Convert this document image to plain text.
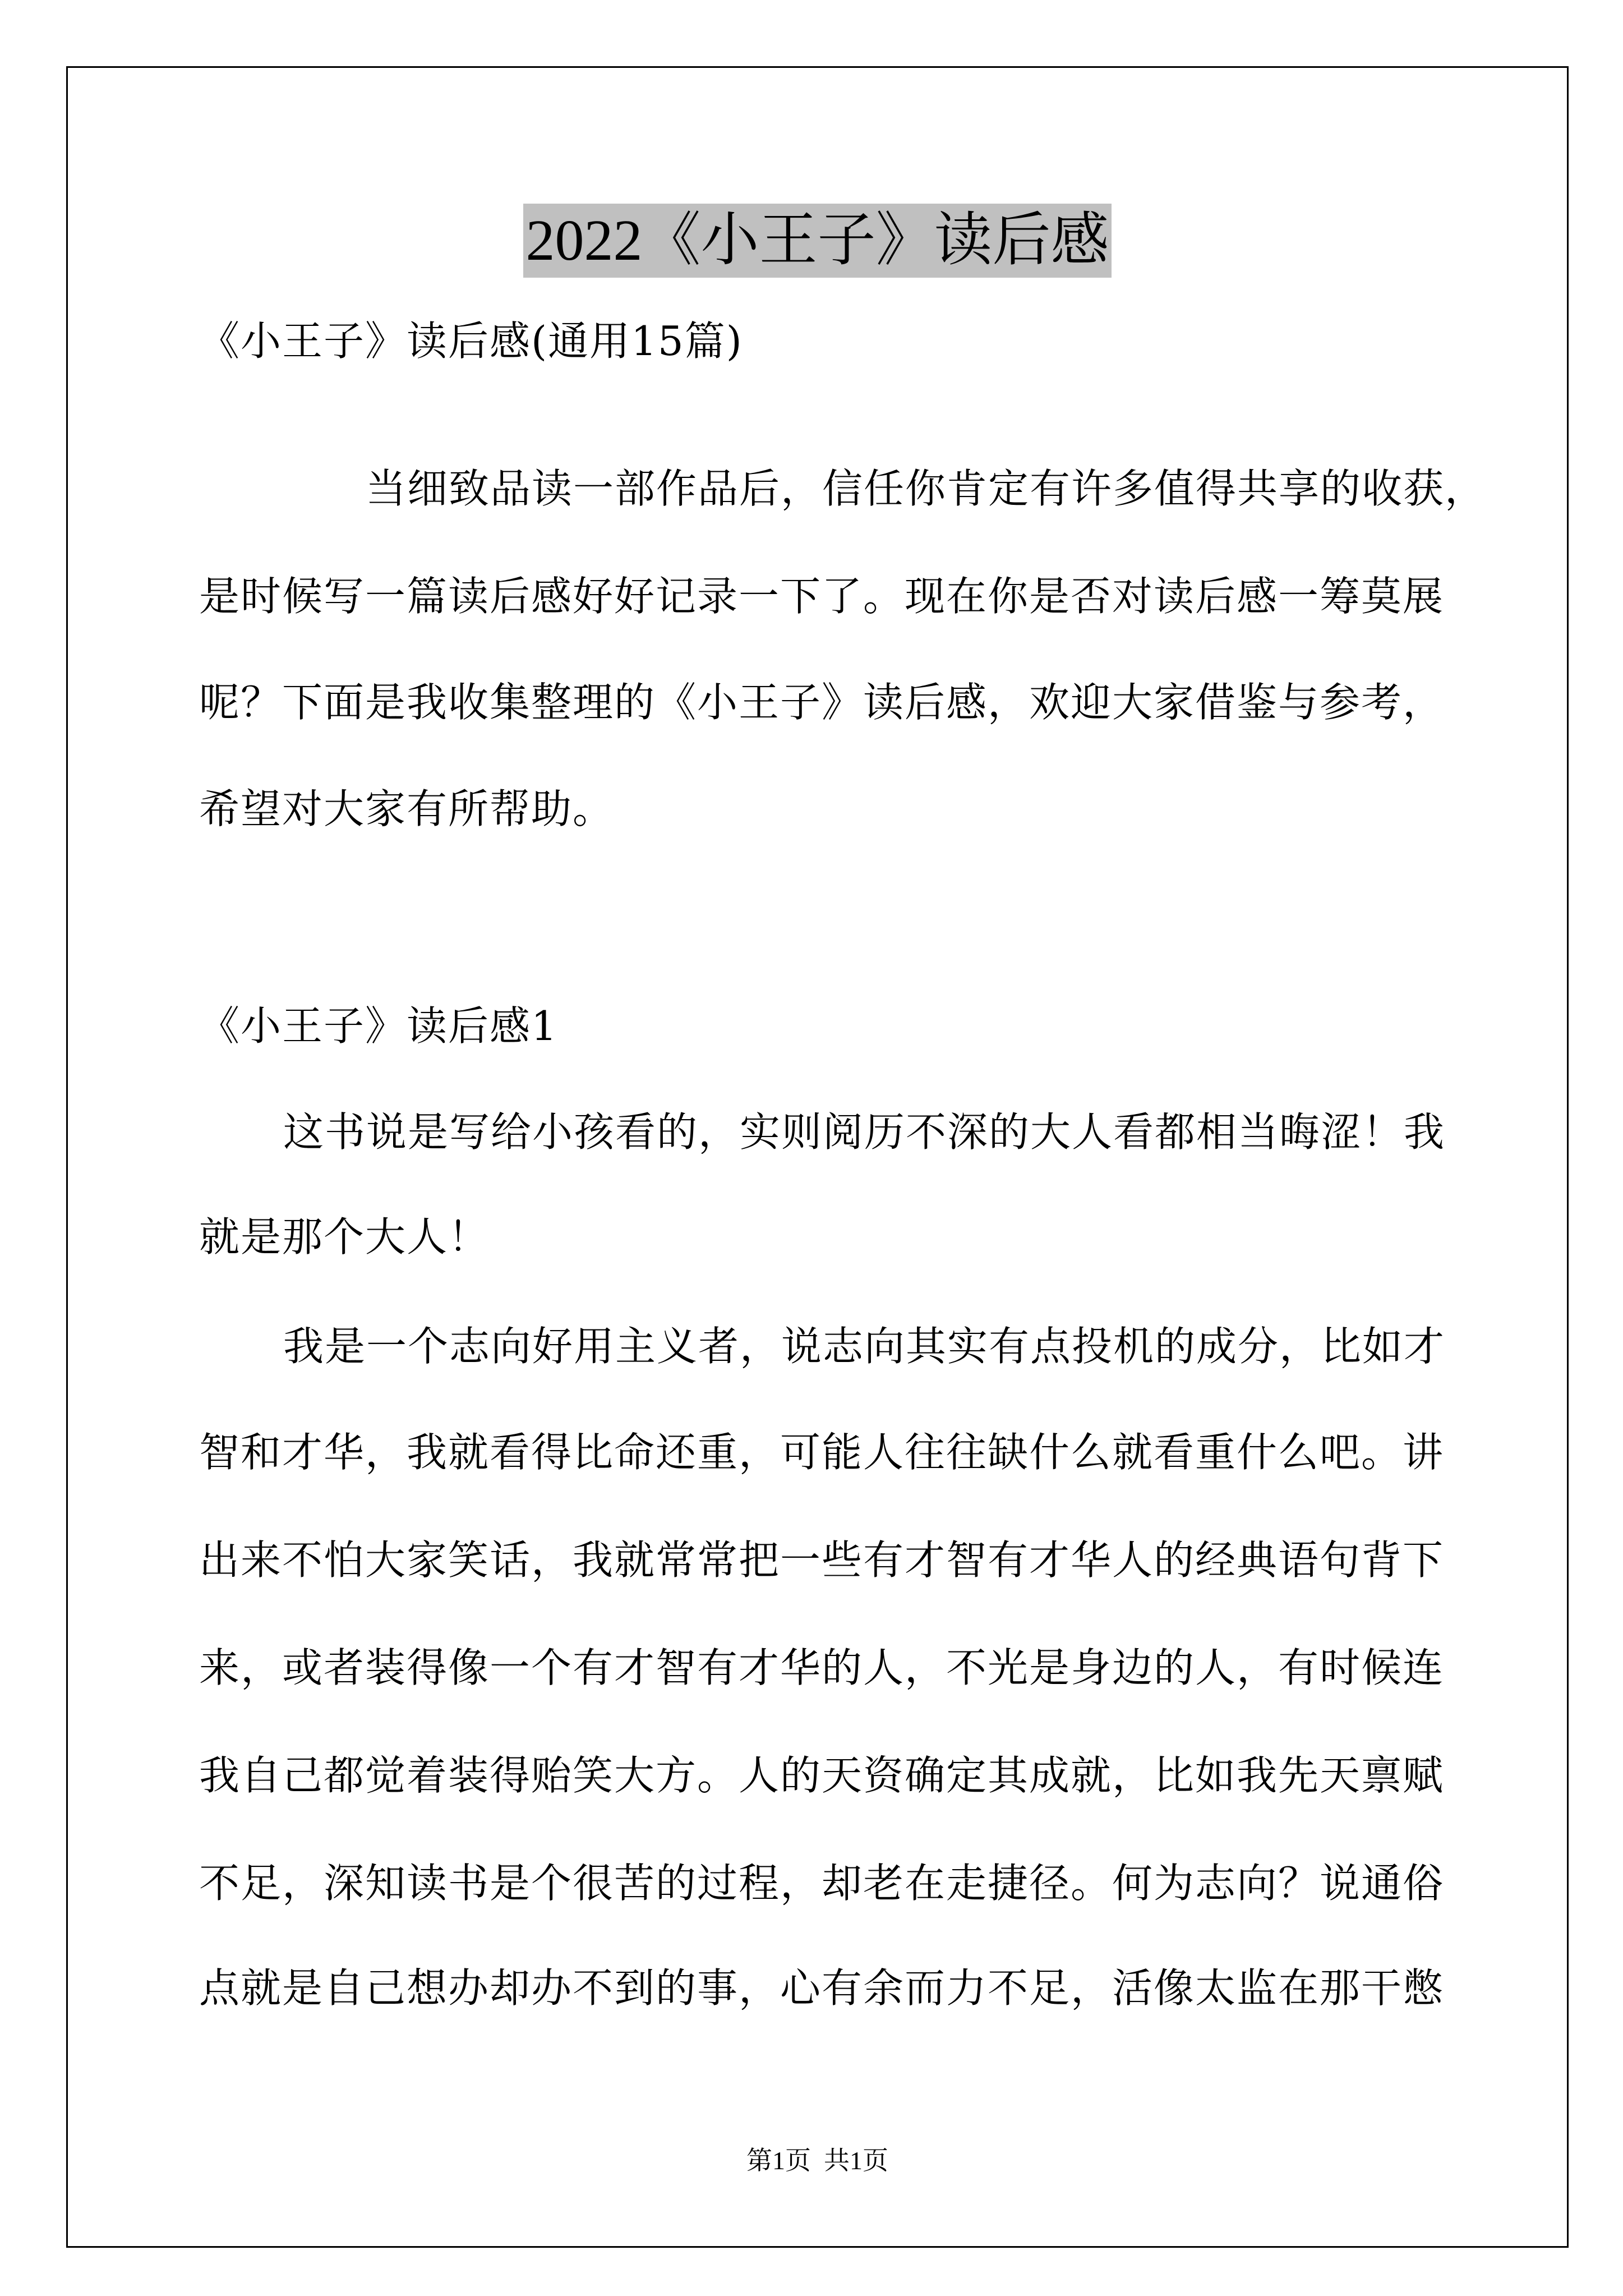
2022《小王子》读后感
《小王子》读后感(通用15篇)
当细致品读一部作品后，信任你肯定有许多值得共享的收获，
是时候写一篇读后感好好记录一下了。现在你是否对读后感一筹莫展
呢？下面是我收集整理的《小王子》读后感，欢迎大家借鉴与参考，
希望对大家有所帮助。
《小王子》读后感1
这书说是写给小孩看的，实则阅历不深的大人看都相当晦涩！我
就是那个大人！
我是一个志向好用主义者，说志向其实有点投机的成分，比如才
智和才华，我就看得比命还重，可能人往往缺什么就看重什么吧。讲
出来不怕大家笑话，我就常常把一些有才智有才华人的经典语句背下
来，或者装得像一个有才智有才华的人，不光是身边的人，有时候连
我自己都觉着装得贻笑大方。人的天资确定其成就，比如我先天禀赋
不足，深知读书是个很苦的过程，却老在走捷径。何为志向？说通俗
点就是自己想办却办不到的事，心有余而力不足，活像太监在那干憋
第1页  共1页
